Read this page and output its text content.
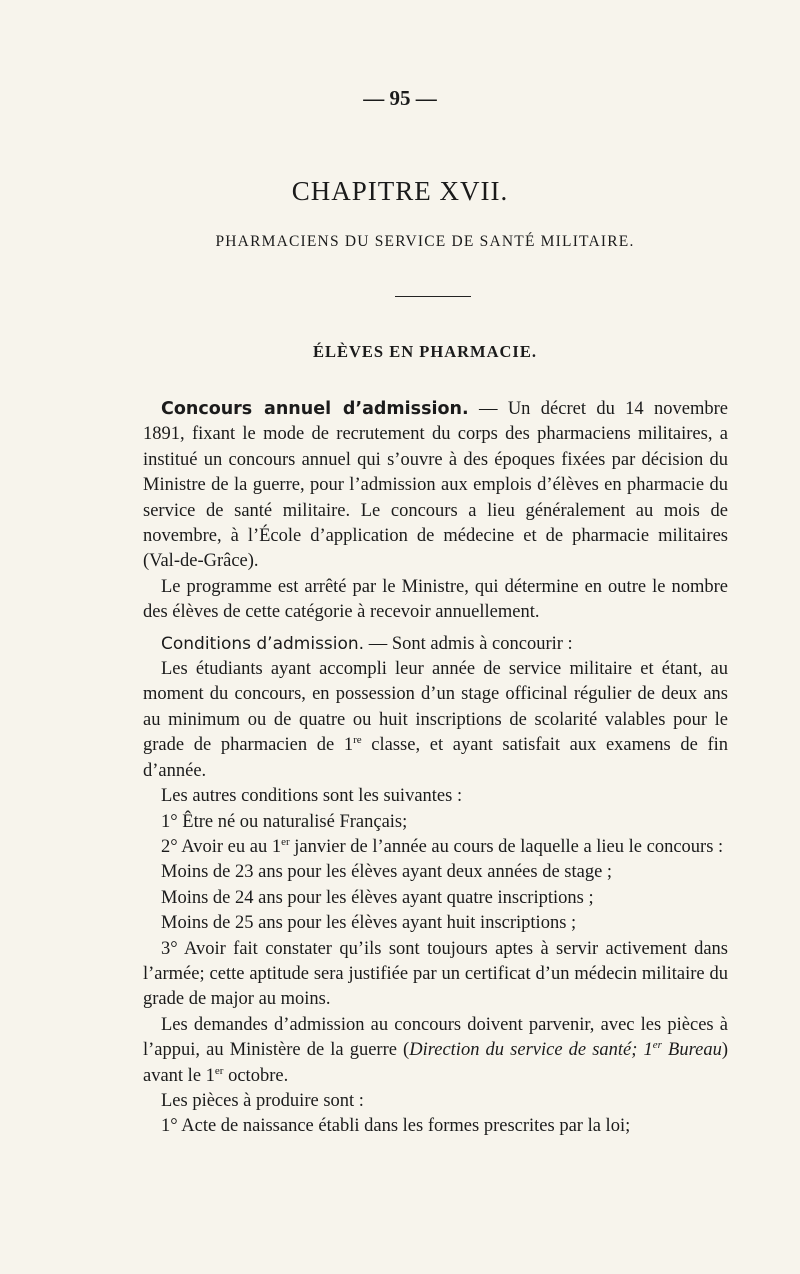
— 95 —
CHAPITRE XVII.
PHARMACIENS DU SERVICE DE SANTÉ MILITAIRE.
ÉLÈVES EN PHARMACIE.

Concours annuel d’admission. — Un décret du 14 novembre 1891, fixant le mode de recrutement du corps des pharmaciens militaires, a institué un concours annuel qui s’ouvre à des époques fixées par décision du Ministre de la guerre, pour l’admission aux emplois d’élèves en pharmacie du service de santé militaire. Le concours a lieu généralement au mois de novembre, à l’École d’application de médecine et de pharmacie militaires (Val-de-Grâce).

Le programme est arrêté par le Ministre, qui détermine en outre le nombre des élèves de cette catégorie à recevoir annuellement.

Conditions d’admission. — Sont admis à concourir :

Les étudiants ayant accompli leur année de service militaire et étant, au moment du concours, en possession d’un stage officinal régulier de deux ans au minimum ou de quatre ou huit inscriptions de scolarité valables pour le grade de pharmacien de 1re classe, et ayant satisfait aux examens de fin d’année.

Les autres conditions sont les suivantes :

1° Être né ou naturalisé Français;

2° Avoir eu au 1er janvier de l’année au cours de laquelle a lieu le concours :

Moins de 23 ans pour les élèves ayant deux années de stage ;

Moins de 24 ans pour les élèves ayant quatre inscriptions ;

Moins de 25 ans pour les élèves ayant huit inscriptions ;

3° Avoir fait constater qu’ils sont toujours aptes à servir activement dans l’armée; cette aptitude sera justifiée par un certificat d’un médecin militaire du grade de major au moins.

Les demandes d’admission au concours doivent parvenir, avec les pièces à l’appui, au Ministère de la guerre (Direction du service de santé; 1er Bureau) avant le 1er octobre.

Les pièces à produire sont :

1° Acte de naissance établi dans les formes prescrites par la loi;
